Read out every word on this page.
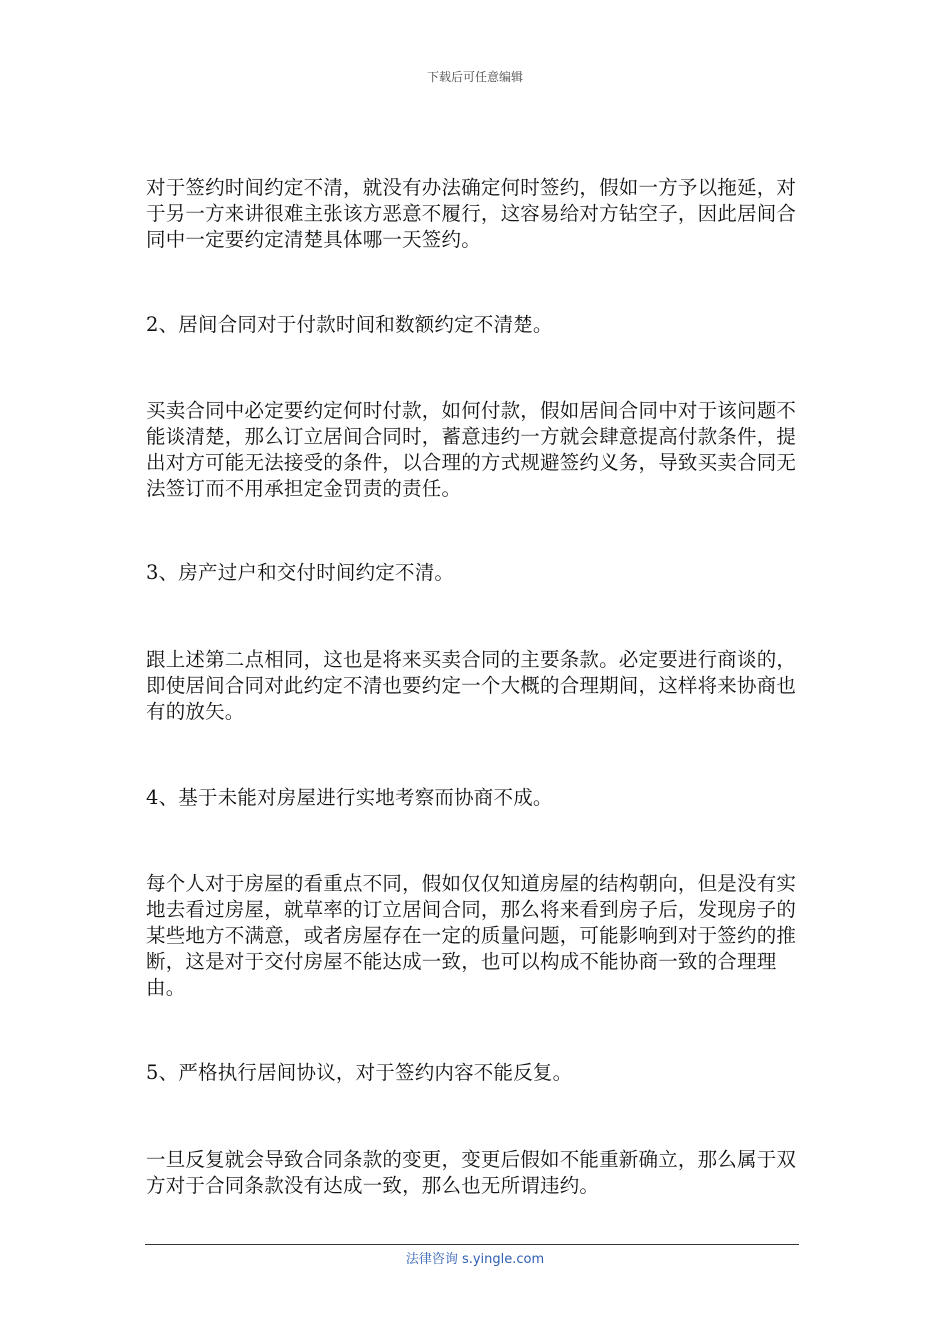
下载后可任意编辑

对于签约时间约定不清，就没有办法确定何时签约，假如一方予以拖延，对于另一方来讲很难主张该方恶意不履行，这容易给对方钻空子，因此居间合同中一定要约定清楚具体哪一天签约。

2、居间合同对于付款时间和数额约定不清楚。

买卖合同中必定要约定何时付款，如何付款，假如居间合同中对于该问题不能谈清楚，那么订立居间合同时，蓄意违约一方就会肆意提高付款条件，提出对方可能无法接受的条件，以合理的方式规避签约义务，导致买卖合同无法签订而不用承担定金罚责的责任。

3、房产过户和交付时间约定不清。

跟上述第二点相同，这也是将来买卖合同的主要条款。必定要进行商谈的，即使居间合同对此约定不清也要约定一个大概的合理期间，这样将来协商也有的放矢。

4、基于未能对房屋进行实地考察而协商不成。

每个人对于房屋的看重点不同，假如仅仅知道房屋的结构朝向，但是没有实地去看过房屋，就草率的订立居间合同，那么将来看到房子后，发现房子的某些地方不满意，或者房屋存在一定的质量问题，可能影响到对于签约的推断，这是对于交付房屋不能达成一致，也可以构成不能协商一致的合理理由。

5、严格执行居间协议，对于签约内容不能反复。

一旦反复就会导致合同条款的变更，变更后假如不能重新确立，那么属于双方对于合同条款没有达成一致，那么也无所谓违约。

法律咨询 s.yingle.com
